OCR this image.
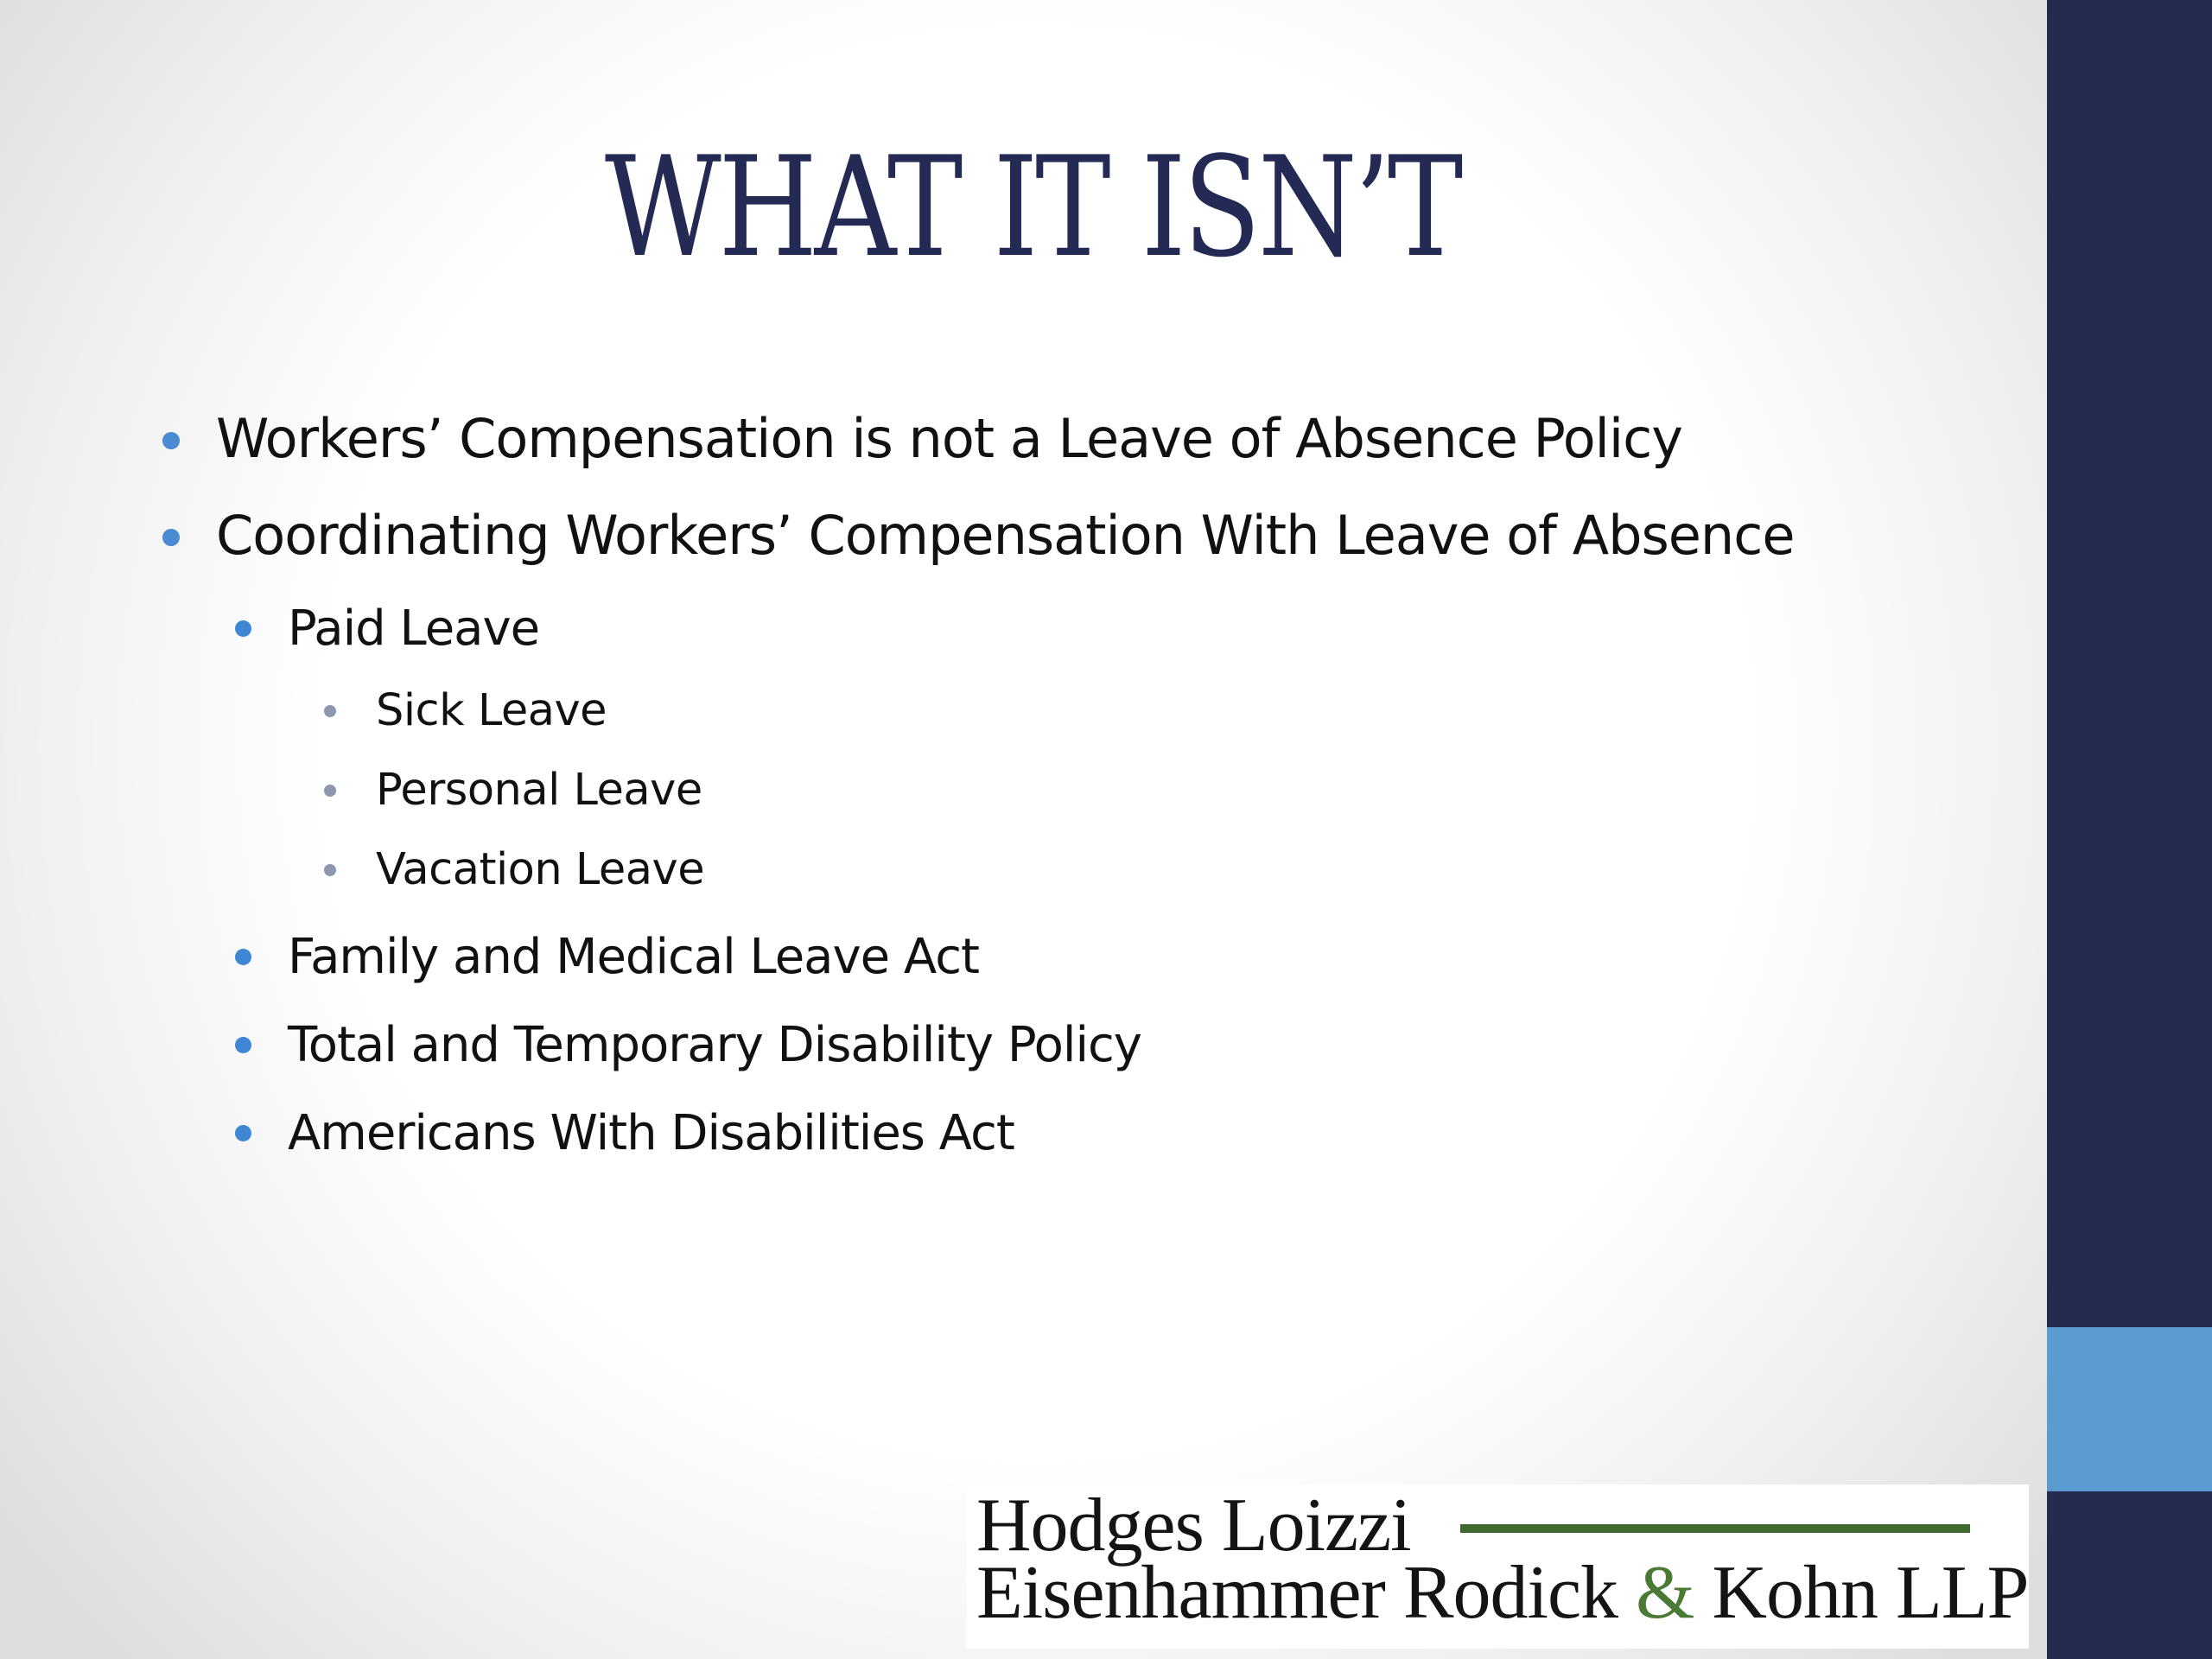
WHAT IT ISN’T
Workers’ Compensation is not a Leave of Absence Policy
Coordinating Workers’ Compensation With Leave of Absence
Paid Leave
Sick Leave
Personal Leave
Vacation Leave
Family and Medical Leave Act
Total and Temporary Disability Policy
Americans With Disabilities Act
Hodges Loizzi
Eisenhammer Rodick & Kohn LLP
